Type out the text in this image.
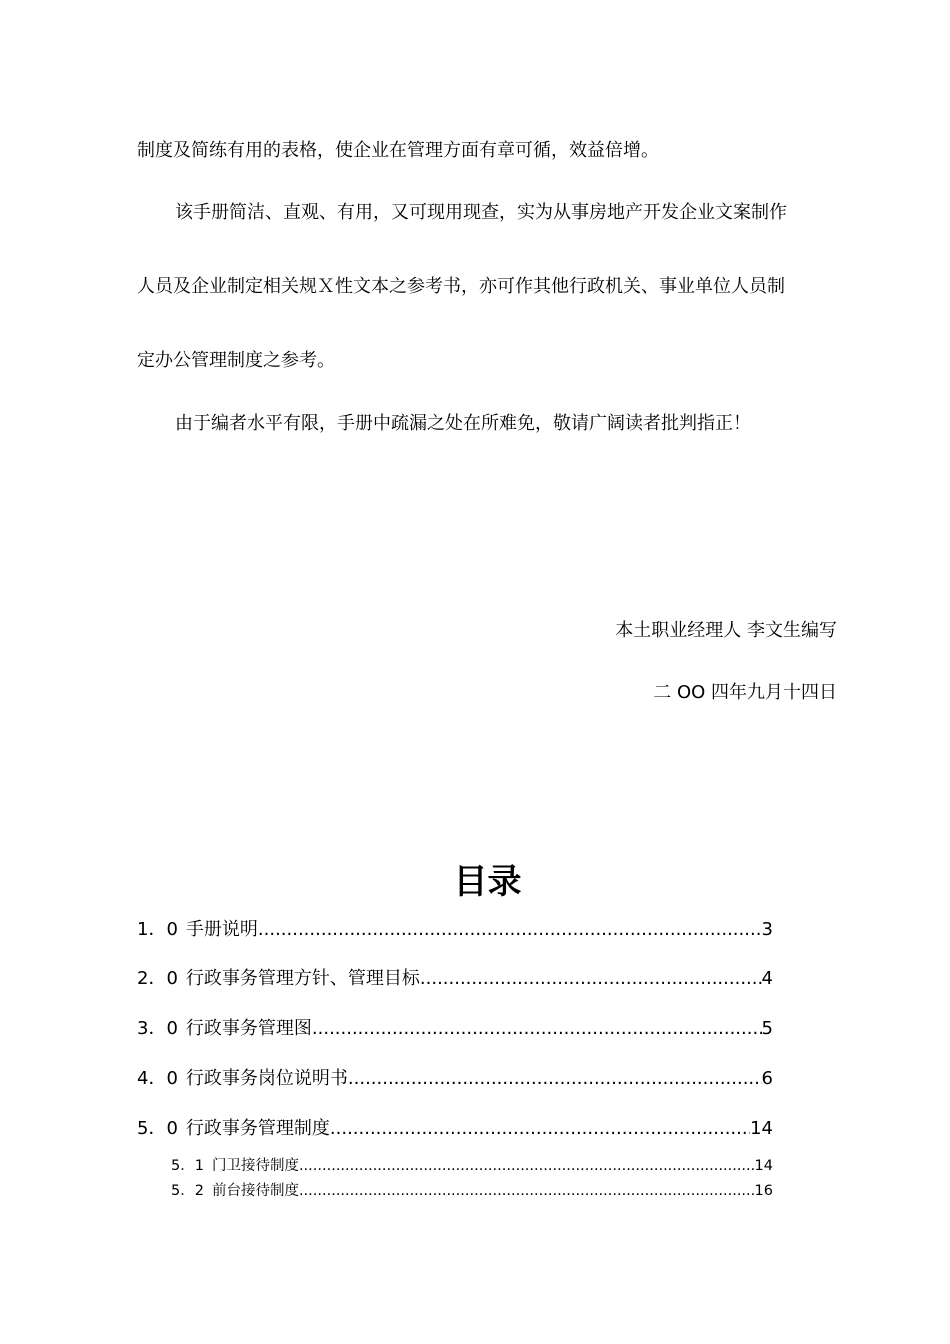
制度及简练有用的表格，使企业在管理方面有章可循，效益倍增。

该手册简洁、直观、有用，又可现用现查，实为从事房地产开发企业文案制作

人员及企业制定相关规Ｘ性文本之参考书，亦可作其他行政机关、事业单位人员制

定办公管理制度之参考。

由于编者水平有限，手册中疏漏之处在所难免，敬请广阔读者批判指正！

本土职业经理人 李文生编写
二 OO 四年九月十四日
目录
1．0 手册说明 .....	3
2．0 行政事务管理方针、管理目标 .....	4
3．0 行政事务管理图 .....	5
4．0 行政事务岗位说明书 .....	6
5．0 行政事务管理制度 .....	14
5．1 门卫接待制度 .....	14
5．2 前台接待制度 .....	16
